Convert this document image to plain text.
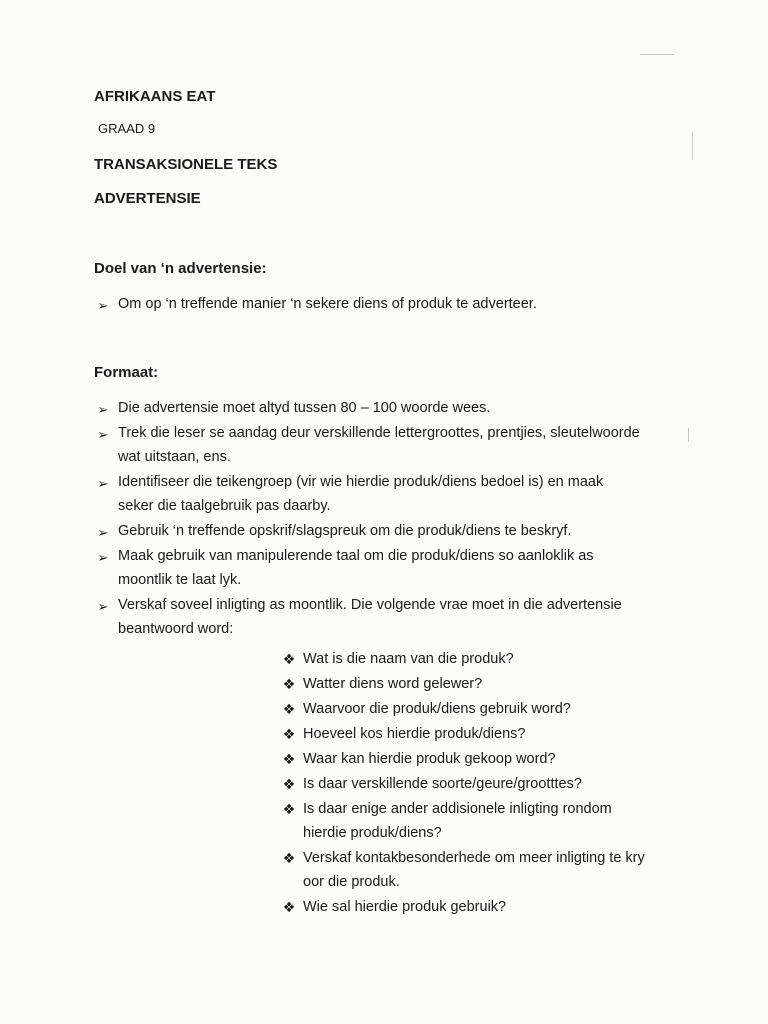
AFRIKAANS EAT
GRAAD 9
TRANSAKSIONELE TEKS
ADVERTENSIE
Doel van ‘n advertensie:
➢ Om op ‘n treffende manier ‘n sekere diens of produk te adverteer.
Formaat:
➢ Die advertensie moet altyd tussen 80 – 100 woorde wees.
➢ Trek die leser se aandag deur verskillende lettergroottes, prentjies, sleutelwoorde
wat uitstaan, ens.
➢ Identifiseer die teikengroep (vir wie hierdie produk/diens bedoel is) en maak
seker die taalgebruik pas daarby.
➢ Gebruik ‘n treffende opskrif/slagspreuk om die produk/diens te beskryf.
➢ Maak gebruik van manipulerende taal om die produk/diens so aanloklik as
moontlik te laat lyk.
➢ Verskaf soveel inligting as moontlik. Die volgende vrae moet in die advertensie
beantwoord word:
❖ Wat is die naam van die produk?
❖ Watter diens word gelewer?
❖ Waarvoor die produk/diens gebruik word?
❖ Hoeveel kos hierdie produk/diens?
❖ Waar kan hierdie produk gekoop word?
❖ Is daar verskillende soorte/geure/grootttes?
❖ Is daar enige ander addisionele inligting rondom
hierdie produk/diens?
❖ Verskaf kontakbesonderhede om meer inligting te kry
oor die produk.
❖ Wie sal hierdie produk gebruik?
